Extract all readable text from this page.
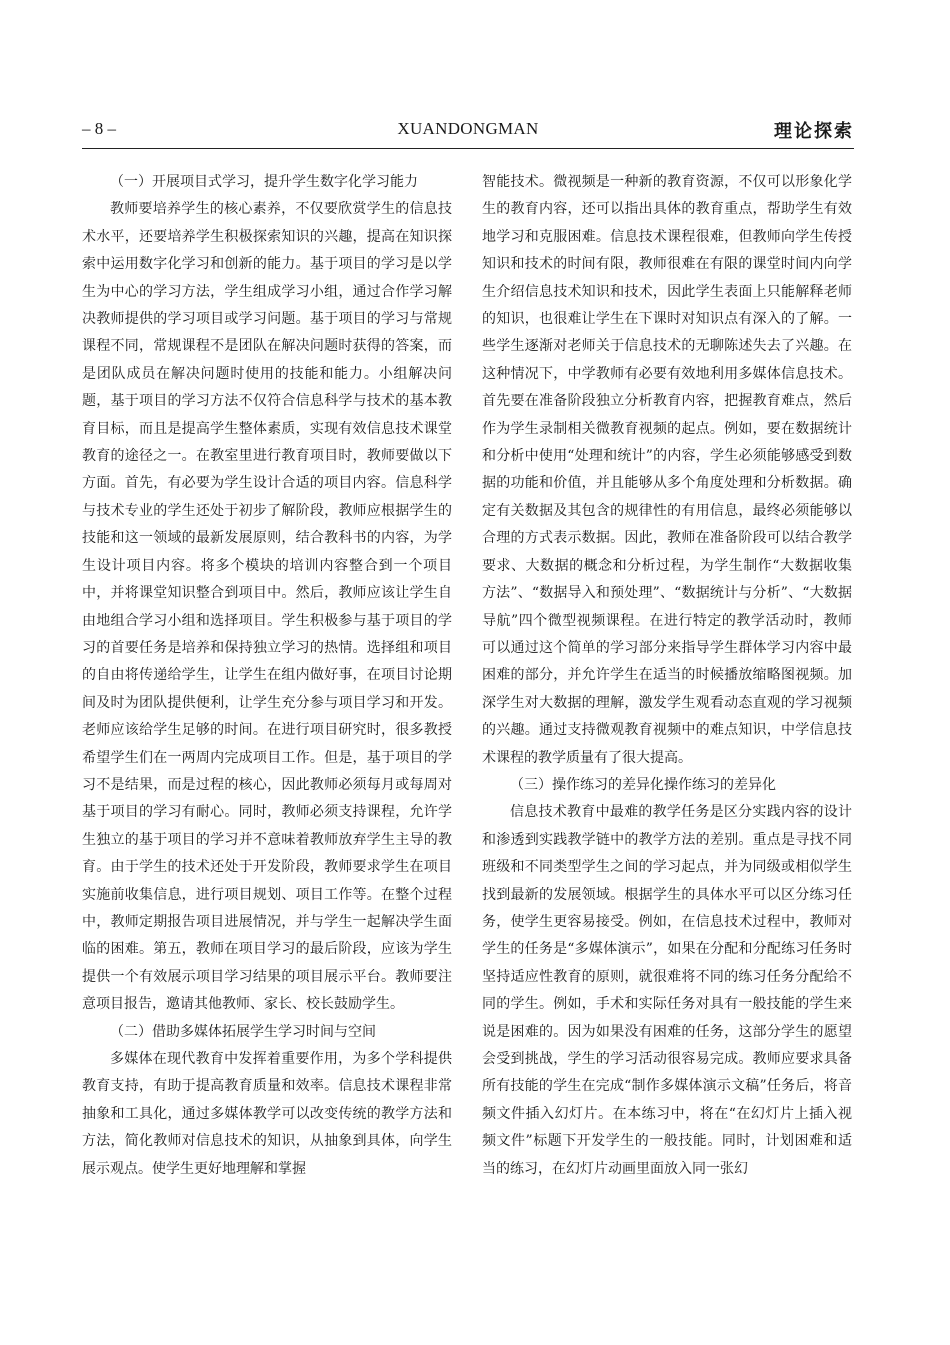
– 8 –	XUANDONGMAN	理论探索
（一）开展项目式学习，提升学生数字化学习能力

教师要培养学生的核心素养，不仅要欣赏学生的信息技术水平，还要培养学生积极探索知识的兴趣，提高在知识探索中运用数字化学习和创新的能力。基于项目的学习是以学生为中心的学习方法，学生组成学习小组，通过合作学习解决教师提供的学习项目或学习问题。基于项目的学习与常规课程不同，常规课程不是团队在解决问题时获得的答案，而是团队成员在解决问题时使用的技能和能力。小组解决问题，基于项目的学习方法不仅符合信息科学与技术的基本教育目标，而且是提高学生整体素质，实现有效信息技术课堂教育的途径之一。在教室里进行教育项目时，教师要做以下方面。首先，有必要为学生设计合适的项目内容。信息科学与技术专业的学生还处于初步了解阶段，教师应根据学生的技能和这一领域的最新发展原则，结合教科书的内容，为学生设计项目内容。将多个模块的培训内容整合到一个项目中，并将课堂知识整合到项目中。然后，教师应该让学生自由地组合学习小组和选择项目。学生积极参与基于项目的学习的首要任务是培养和保持独立学习的热情。选择组和项目的自由将传递给学生，让学生在组内做好事，在项目讨论期间及时为团队提供便利，让学生充分参与项目学习和开发。老师应该给学生足够的时间。在进行项目研究时，很多教授希望学生们在一两周内完成项目工作。但是，基于项目的学习不是结果，而是过程的核心，因此教师必须每月或每周对基于项目的学习有耐心。同时，教师必须支持课程，允许学生独立的基于项目的学习并不意味着教师放弃学生主导的教育。由于学生的技术还处于开发阶段，教师要求学生在项目实施前收集信息，进行项目规划、项目工作等。在整个过程中，教师定期报告项目进展情况，并与学生一起解决学生面临的困难。第五，教师在项目学习的最后阶段，应该为学生提供一个有效展示项目学习结果的项目展示平台。教师要注意项目报告，邀请其他教师、家长、校长鼓励学生。

（二）借助多媒体拓展学生学习时间与空间

多媒体在现代教育中发挥着重要作用，为多个学科提供教育支持，有助于提高教育质量和效率。信息技术课程非常抽象和工具化，通过多媒体教学可以改变传统的教学方法和方法，简化教师对信息技术的知识，从抽象到具体，向学生展示观点。使学生更好地理解和掌握

智能技术。微视频是一种新的教育资源，不仅可以形象化学生的教育内容，还可以指出具体的教育重点，帮助学生有效地学习和克服困难。信息技术课程很难，但教师向学生传授知识和技术的时间有限，教师很难在有限的课堂时间内向学生介绍信息技术知识和技术，因此学生表面上只能解释老师的知识，也很难让学生在下课时对知识点有深入的了解。一些学生逐渐对老师关于信息技术的无聊陈述失去了兴趣。在这种情况下，中学教师有必要有效地利用多媒体信息技术。首先要在准备阶段独立分析教育内容，把握教育难点，然后作为学生录制相关微教育视频的起点。例如，要在数据统计和分析中使用“处理和统计”的内容，学生必须能够感受到数据的功能和价值，并且能够从多个角度处理和分析数据。确定有关数据及其包含的规律性的有用信息，最终必须能够以合理的方式表示数据。因此，教师在准备阶段可以结合教学要求、大数据的概念和分析过程，为学生制作“大数据收集方法”、“数据导入和预处理”、“数据统计与分析”、“大数据导航”四个微型视频课程。在进行特定的教学活动时，教师可以通过这个简单的学习部分来指导学生群体学习内容中最困难的部分，并允许学生在适当的时候播放缩略图视频。加深学生对大数据的理解，激发学生观看动态直观的学习视频的兴趣。通过支持微观教育视频中的难点知识，中学信息技术课程的教学质量有了很大提高。

（三）操作练习的差异化操作练习的差异化

信息技术教育中最难的教学任务是区分实践内容的设计和渗透到实践教学链中的教学方法的差别。重点是寻找不同班级和不同类型学生之间的学习起点，并为同级或相似学生找到最新的发展领域。根据学生的具体水平可以区分练习任务，使学生更容易接受。例如，在信息技术过程中，教师对学生的任务是“多媒体演示”，如果在分配和分配练习任务时坚持适应性教育的原则，就很难将不同的练习任务分配给不同的学生。例如，手术和实际任务对具有一般技能的学生来说是困难的。因为如果没有困难的任务，这部分学生的愿望会受到挑战，学生的学习活动很容易完成。教师应要求具备所有技能的学生在完成“制作多媒体演示文稿”任务后，将音频文件插入幻灯片。在本练习中，将在“在幻灯片上插入视频文件”标题下开发学生的一般技能。同时，计划困难和适当的练习，在幻灯片动画里面放入同一张幻
